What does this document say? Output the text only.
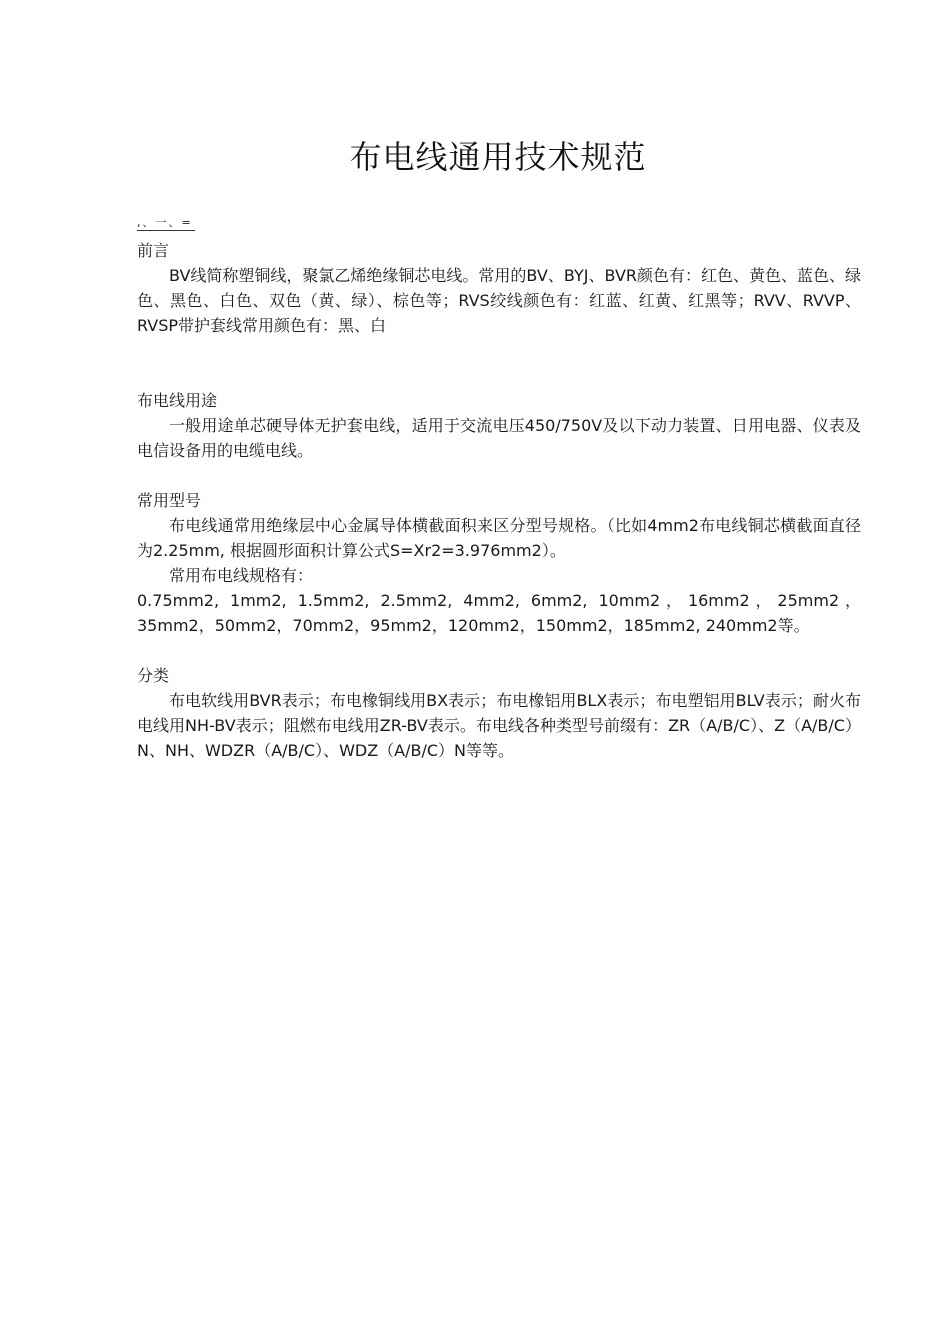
布电线通用技术规范
,、一、=

前言

BV线简称塑铜线，聚氯乙烯绝缘铜芯电线。常用的BV、BYJ、BVR颜色有：红色、黄色、蓝色、绿色、黑色、白色、双色（黄、绿）、棕色等；RVS绞线颜色有：红蓝、红黄、红黑等；RVV、RVVP、RVSP带护套线常用颜色有：黑、白

布电线用途

一般用途单芯硬导体无护套电线，适用于交流电压450/750V及以下动力装置、日用电器、仪表及电信设备用的电缆电线。

常用型号

布电线通常用绝缘层中心金属导体横截面积来区分型号规格。（比如4mm2布电线铜芯横截面直径为2.25mm, 根据圆形面积计算公式S=Xr2=3.976mm2）。

常用布电线规格有：

0.75mm2, 1mm2, 1.5mm2, 2.5mm2, 4mm2, 6mm2, 10mm2，16mm2，25mm2，35mm2，50mm2，70mm2，95mm2，120mm2，150mm2，185mm2, 240mm2等。

分类

布电软线用BVR表示；布电橡铜线用BX表示；布电橡铝用BLX表示；布电塑铝用BLV表示；耐火布电线用NH-BV表示；阻燃布电线用ZR-BV表示。布电线各种类型号前缀有：ZR（A/B/C）、Z（A/B/C）N、NH、WDZR（A/B/C）、WDZ（A/B/C）N等等。
